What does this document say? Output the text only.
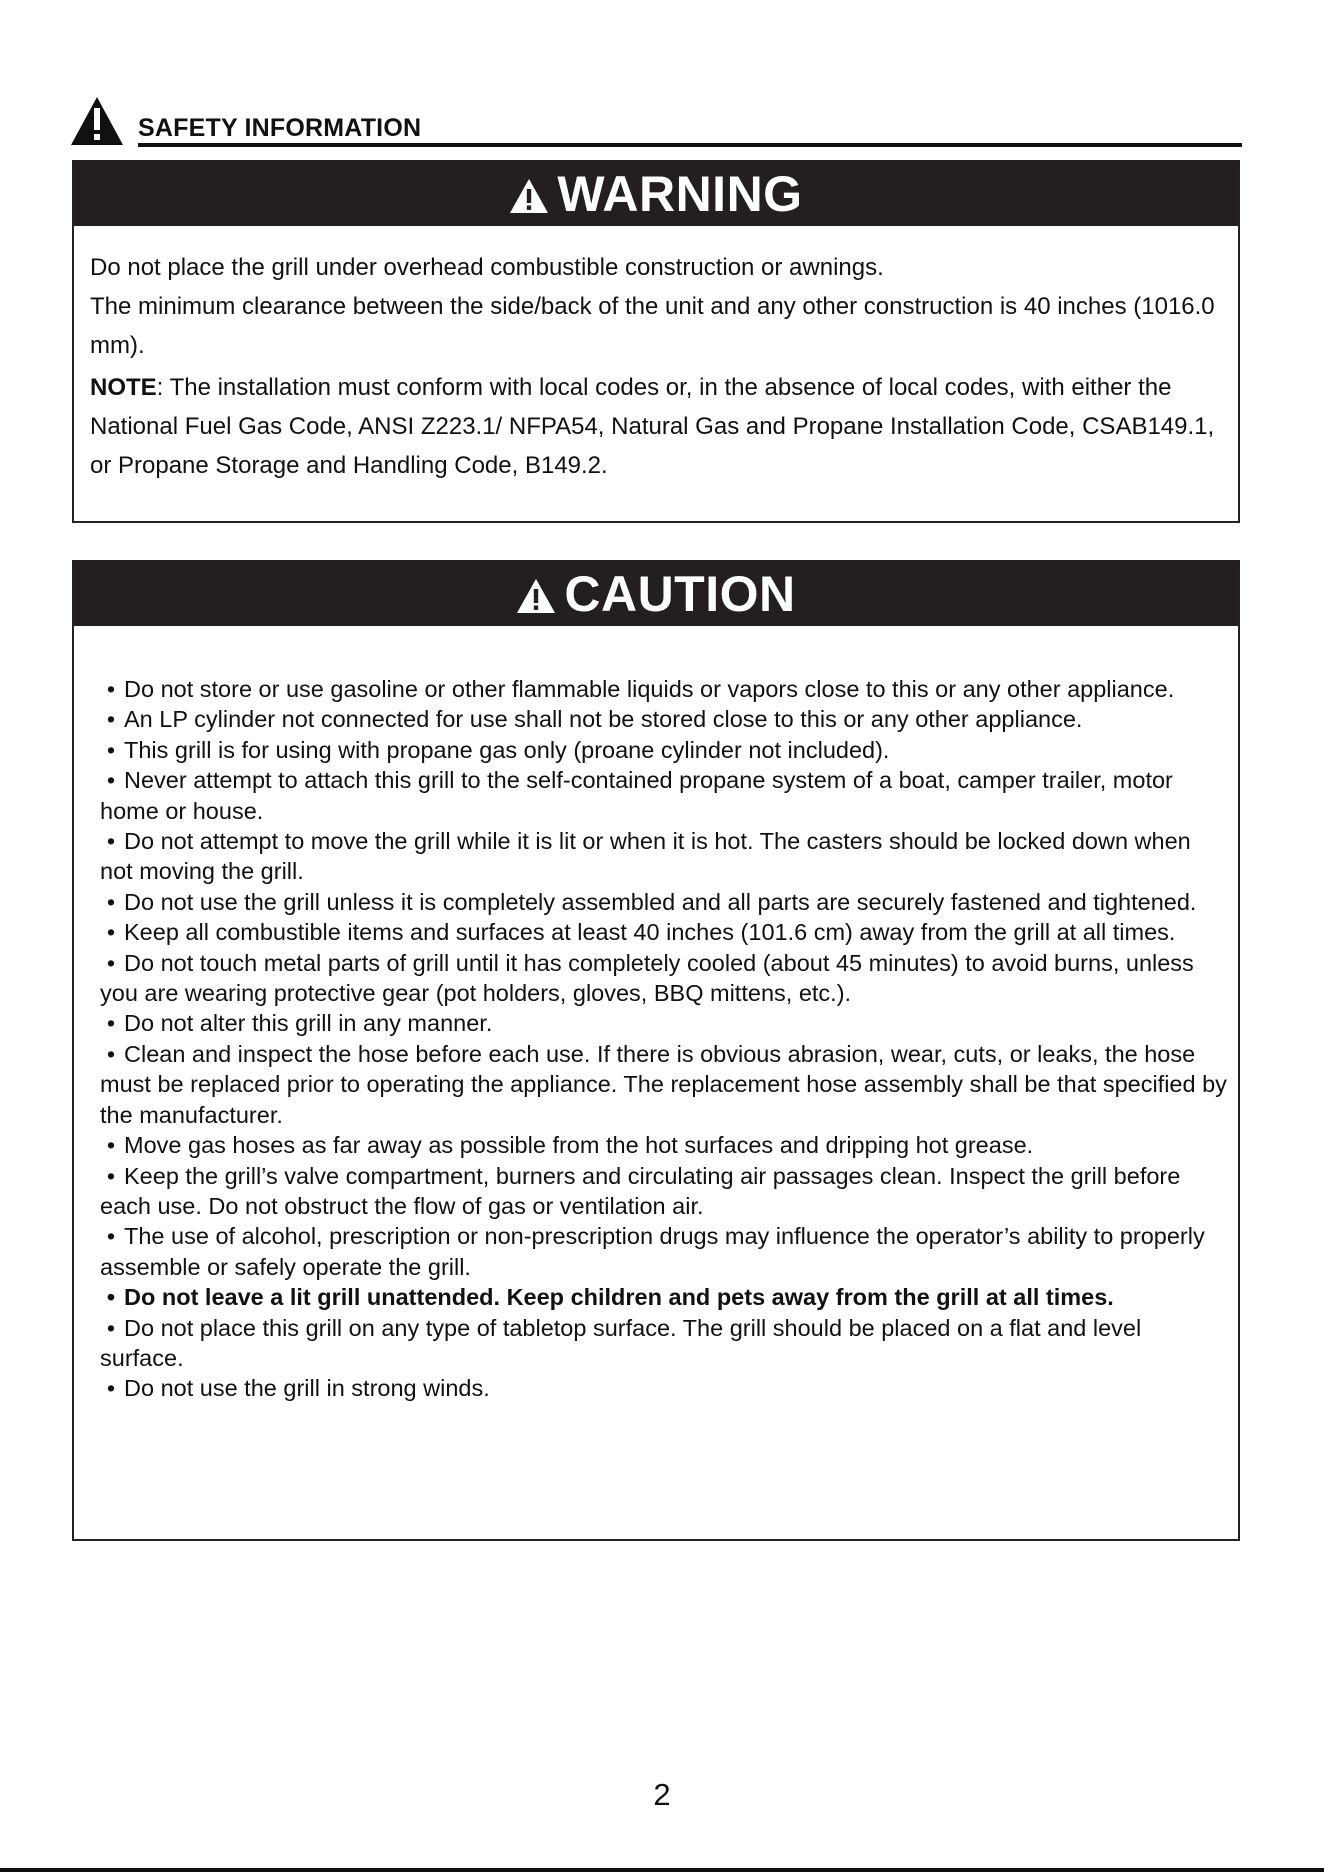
SAFETY INFORMATION
WARNING

Do not place the grill under overhead combustible construction or awnings.

The minimum clearance between the side/back of the unit and any other construction is 40 inches (1016.0 mm).

NOTE: The installation must conform with local codes or, in the absence of local codes, with either the National Fuel Gas Code, ANSI Z223.1/ NFPA54, Natural Gas and Propane Installation Code, CSAB149.1, or Propane Storage and Handling Code, B149.2.

CAUTION
• Do not store or use gasoline or other flammable liquids or vapors close to this or any other appliance.
• An LP cylinder not connected for use shall not be stored close to this or any other appliance.
• This grill is for using with propane gas only (proane cylinder not included).
• Never attempt to attach this grill to the self-contained propane system of a boat, camper trailer, motor home or house.
• Do not attempt to move the grill while it is lit or when it is hot. The casters should be locked down when not moving the grill.
• Do not use the grill unless it is completely assembled and all parts are securely fastened and tightened.
• Keep all combustible items and surfaces at least 40 inches (101.6 cm) away from the grill at all times.
• Do not touch metal parts of grill until it has completely cooled (about 45 minutes) to avoid burns, unless you are wearing protective gear (pot holders, gloves, BBQ mittens, etc.).
• Do not alter this grill in any manner.
• Clean and inspect the hose before each use. If there is obvious abrasion, wear, cuts, or leaks, the hose must be replaced prior to operating the appliance. The replacement hose assembly shall be that specified by the manufacturer.
• Move gas hoses as far away as possible from the hot surfaces and dripping hot grease.
• Keep the grill’s valve compartment, burners and circulating air passages clean. Inspect the grill before each use. Do not obstruct the flow of gas or ventilation air.
• The use of alcohol, prescription or non-prescription drugs may influence the operator’s ability to properly assemble or safely operate the grill.
• Do not leave a lit grill unattended. Keep children and pets away from the grill at all times.
• Do not place this grill on any type of tabletop surface. The grill should be placed on a flat and level surface.
• Do not use the grill in strong winds.
2
